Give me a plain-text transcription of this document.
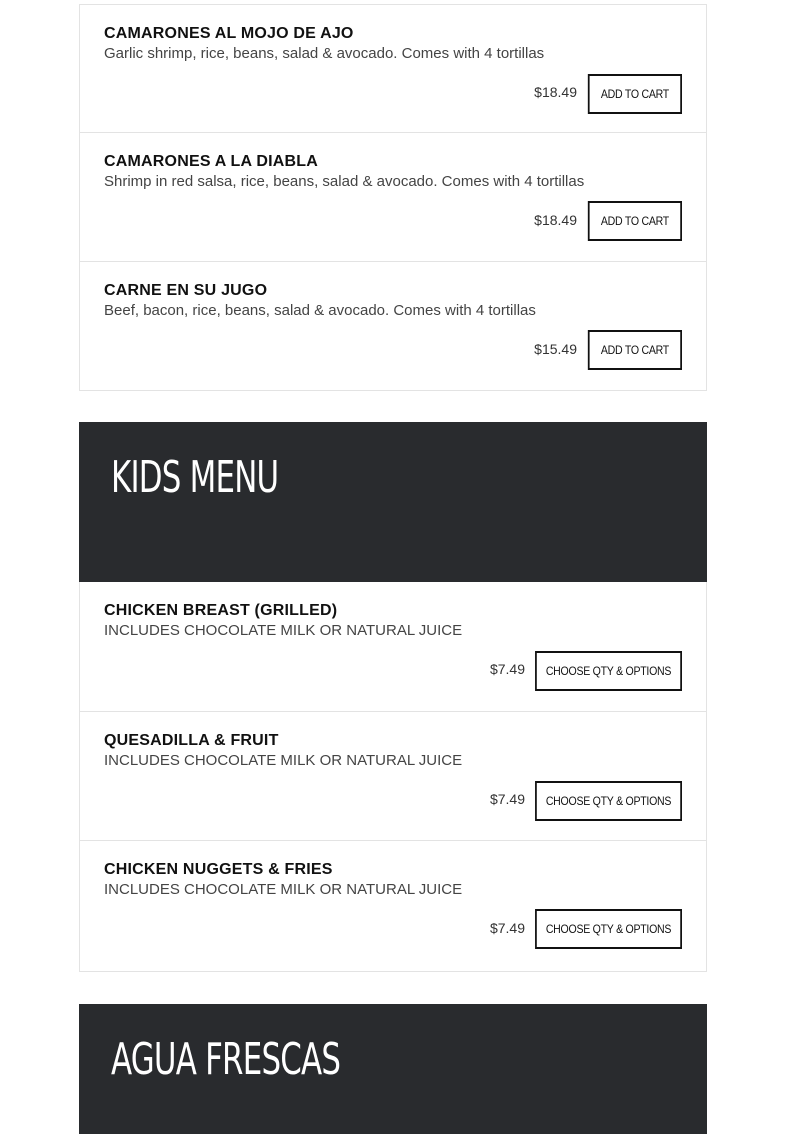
CAMARONES AL MOJO DE AJO
Garlic shrimp, rice, beans, salad & avocado. Comes with 4 tortillas
$18.49	ADD TO CART
CAMARONES A LA DIABLA
Shrimp in red salsa, rice, beans, salad & avocado. Comes with 4 tortillas
$18.49	ADD TO CART
CARNE EN SU JUGO
Beef, bacon, rice, beans, salad & avocado. Comes with 4 tortillas
$15.49	ADD TO CART
KIDS MENU
CHICKEN BREAST (GRILLED)
INCLUDES CHOCOLATE MILK OR NATURAL JUICE
$7.49	CHOOSE QTY & OPTIONS
QUESADILLA & FRUIT
INCLUDES CHOCOLATE MILK OR NATURAL JUICE
$7.49	CHOOSE QTY & OPTIONS
CHICKEN NUGGETS & FRIES
INCLUDES CHOCOLATE MILK OR NATURAL JUICE
$7.49	CHOOSE QTY & OPTIONS
AGUA FRESCAS
